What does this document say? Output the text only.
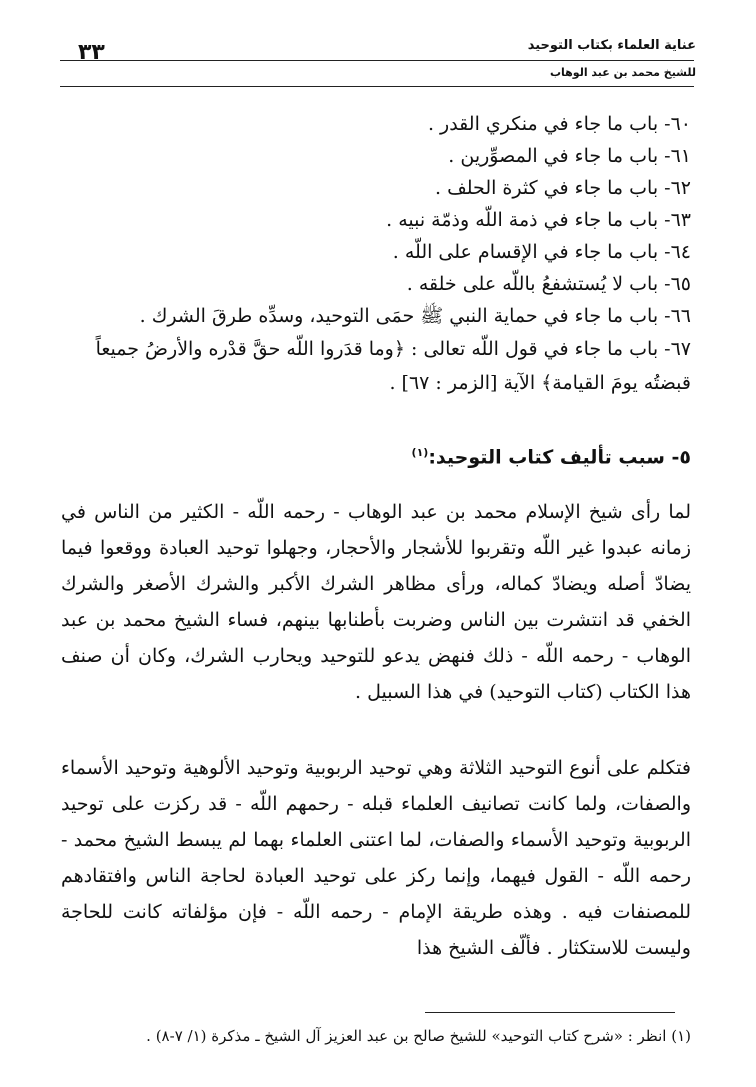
عناية العلماء بكتاب التوحيد
للشيخ محمد بن عبد الوهاب
٣٣
٦٠- باب ما جاء في منكري القدر .
٦١- باب ما جاء في المصوِّرين .
٦٢- باب ما جاء في كثرة الحلف .
٦٣- باب ما جاء في ذمة اللّه وذمّة نبيه .
٦٤- باب ما جاء في الإقسام على اللّه .
٦٥- باب لا يُستشفعُ باللّه على خلقه .
٦٦- باب ما جاء في حماية النبي ﷺ حمَى التوحيد، وسدِّه طرقَ الشرك .
٦٧- باب ما جاء في قول اللّه تعالى : ﴿وما قدَروا اللّه حقَّ قدْره والأرضُ جميعاً قبضتُه يومَ القيامة﴾ الآية [الزمر : ٦٧] .
٥- سبب تأليف كتاب التوحيد:$^{(١)}$

لما رأى شيخ الإسلام محمد بن عبد الوهاب - رحمه اللّه - الكثير من الناس في زمانه عبدوا غير اللّه وتقربوا للأشجار والأحجار، وجهلوا توحيد العبادة ووقعوا فيما يضادّ أصله ويضادّ كماله، ورأى مظاهر الشرك الأكبر والشرك الأصغر والشرك الخفي قد انتشرت بين الناس وضربت بأطنابها بينهم، فساء الشيخ محمد بن عبد الوهاب - رحمه اللّه - ذلك فنهض يدعو للتوحيد ويحارب الشرك، وكان أن صنف هذا الكتاب (كتاب التوحيد) في هذا السبيل .

فتكلم على أنوع التوحيد الثلاثة وهي توحيد الربوبية وتوحيد الألوهية وتوحيد الأسماء والصفات، ولما كانت تصانيف العلماء قبله - رحمهم اللّه - قد ركزت على توحيد الربوبية وتوحيد الأسماء والصفات، لما اعتنى العلماء بهما لم يبسط الشيخ محمد - رحمه اللّه - القول فيهما، وإنما ركز على توحيد العبادة لحاجة الناس وافتقادهم للمصنفات فيه . وهذه طريقة الإمام - رحمه اللّه - فإن مؤلفاته كانت للحاجة وليست للاستكثار . فألّف الشيخ هذا

(١) انظر : «شرح كتاب التوحيد» للشيخ صالح بن عبد العزيز آل الشيخ ـ مذكرة (١/ ٧-٨) .
